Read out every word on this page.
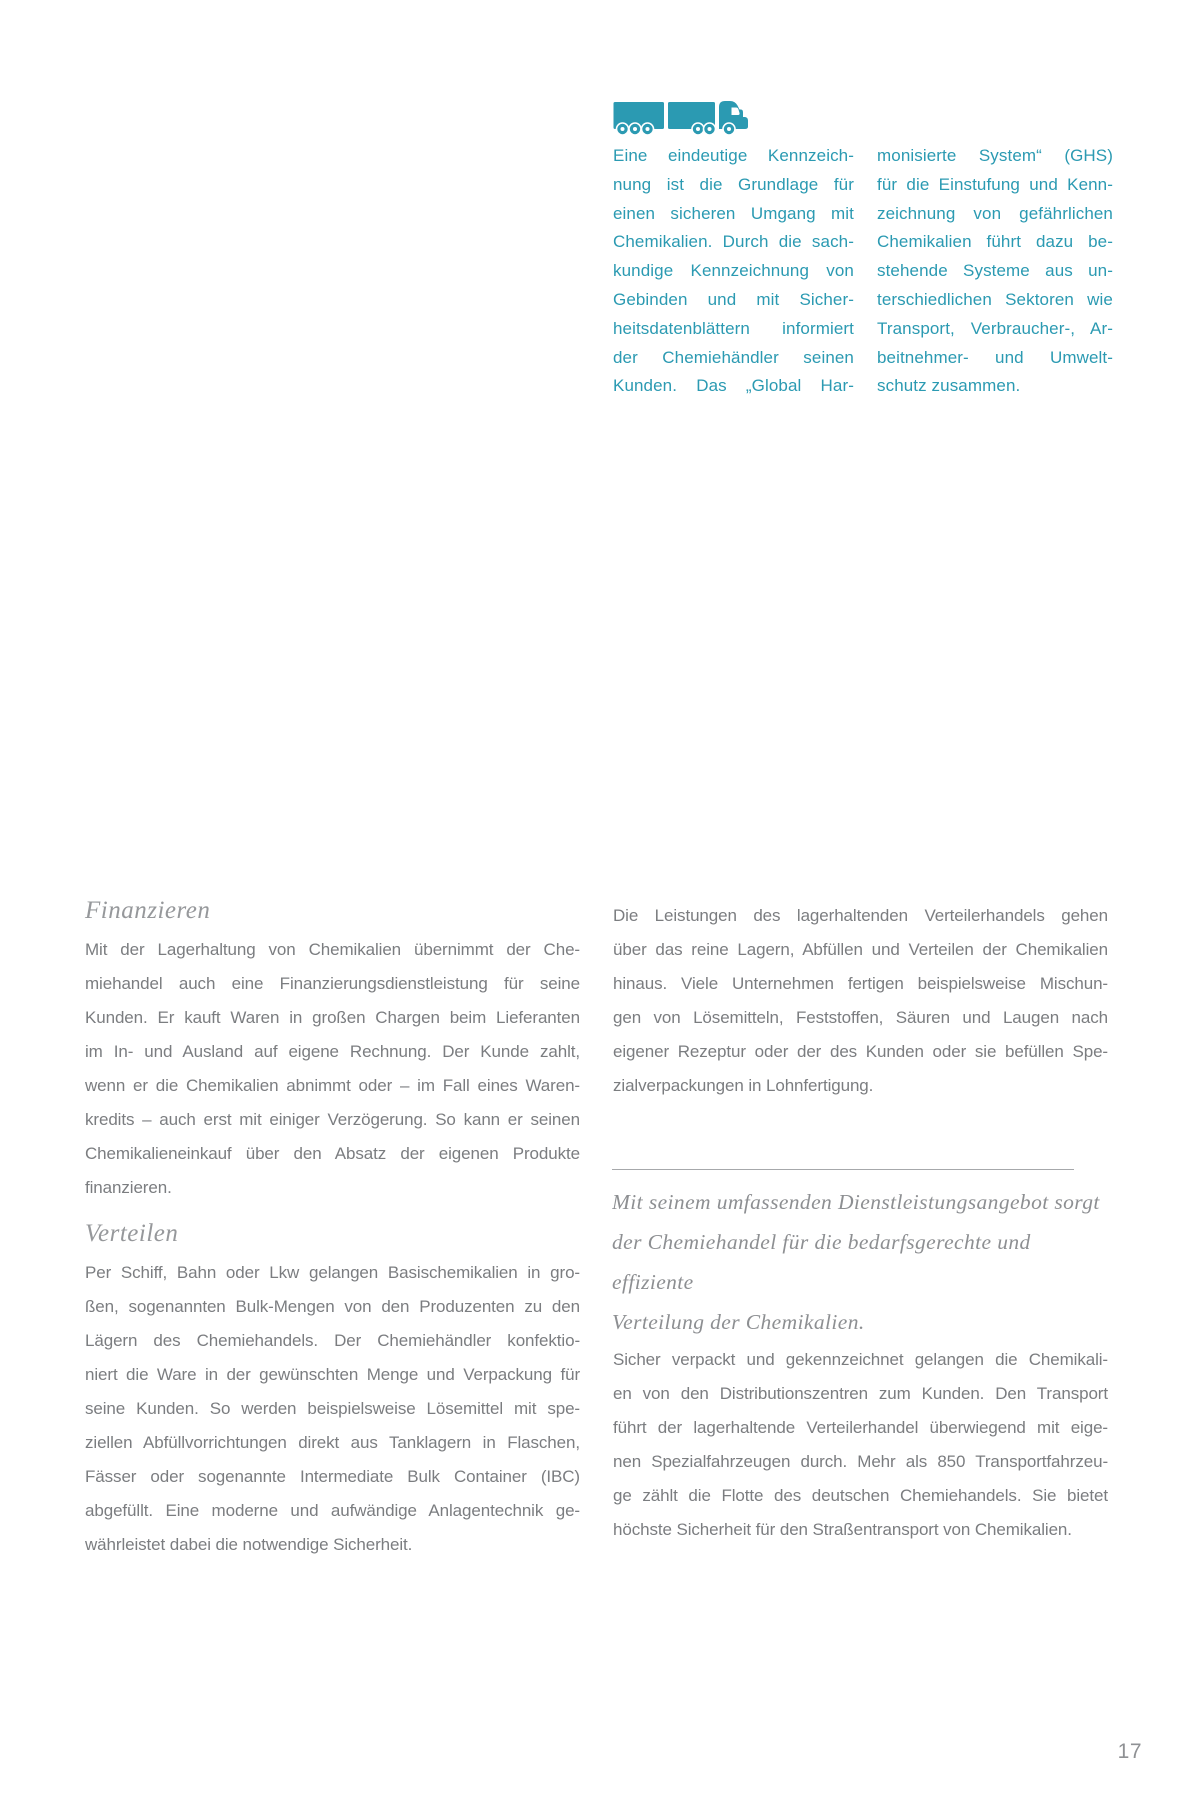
Eine eindeutige Kennzeich-
nung ist die Grundlage für
einen sicheren Umgang mit
Chemikalien. Durch die sach-
kundige Kennzeichnung von
Gebinden und mit Sicher-
heitsdatenblättern informiert
der Chemiehändler seinen
Kunden. Das „Global Har-
monisierte System“ (GHS)
für die Einstufung und Kenn-
zeichnung von gefährlichen
Chemikalien führt dazu be-
stehende Systeme aus un-
terschiedlichen Sektoren wie
Transport, Verbraucher-, Ar-
beitnehmer- und Umwelt-
schutz zusammen.
Finanzieren
Mit der Lagerhaltung von Chemikalien übernimmt der Che-
miehandel auch eine Finanzierungsdienstleistung für seine
Kunden. Er kauft Waren in großen Chargen beim Lieferanten
im In- und Ausland auf eigene Rechnung. Der Kunde zahlt,
wenn er die Chemikalien abnimmt oder – im Fall eines Waren-
kredits – auch erst mit einiger Verzögerung. So kann er seinen
Chemikalieneinkauf über den Absatz der eigenen Produkte
finanzieren.
Verteilen
Per Schiff, Bahn oder Lkw gelangen Basischemikalien in gro-
ßen, sogenannten Bulk-Mengen von den Produzenten zu den
Lägern des Chemiehandels. Der Chemiehändler konfektio-
niert die Ware in der gewünschten Menge und Verpackung für
seine Kunden. So werden beispielsweise Lösemittel mit spe-
ziellen Abfüllvorrichtungen direkt aus Tanklagern in Flaschen,
Fässer oder sogenannte Intermediate Bulk Container (IBC)
abgefüllt. Eine moderne und aufwändige Anlagentechnik ge-
währleistet dabei die notwendige Sicherheit.
Die Leistungen des lagerhaltenden Verteilerhandels gehen
über das reine Lagern, Abfüllen und Verteilen der Chemikalien
hinaus. Viele Unternehmen fertigen beispielsweise Mischun-
gen von Lösemitteln, Feststoffen, Säuren und Laugen nach
eigener Rezeptur oder der des Kunden oder sie befüllen Spe-
zialverpackungen in Lohnfertigung.
Mit seinem umfassenden Dienstleistungsangebot sorgt
der Chemiehandel für die bedarfsgerechte und effiziente
Verteilung der Chemikalien.
Sicher verpackt und gekennzeichnet gelangen die Chemikali-
en von den Distributionszentren zum Kunden. Den Transport
führt der lagerhaltende Verteilerhandel überwiegend mit eige-
nen Spezialfahrzeugen durch. Mehr als 850 Transportfahrzeu-
ge zählt die Flotte des deutschen Chemiehandels. Sie bietet
höchste Sicherheit für den Straßentransport von Chemikalien.
17
